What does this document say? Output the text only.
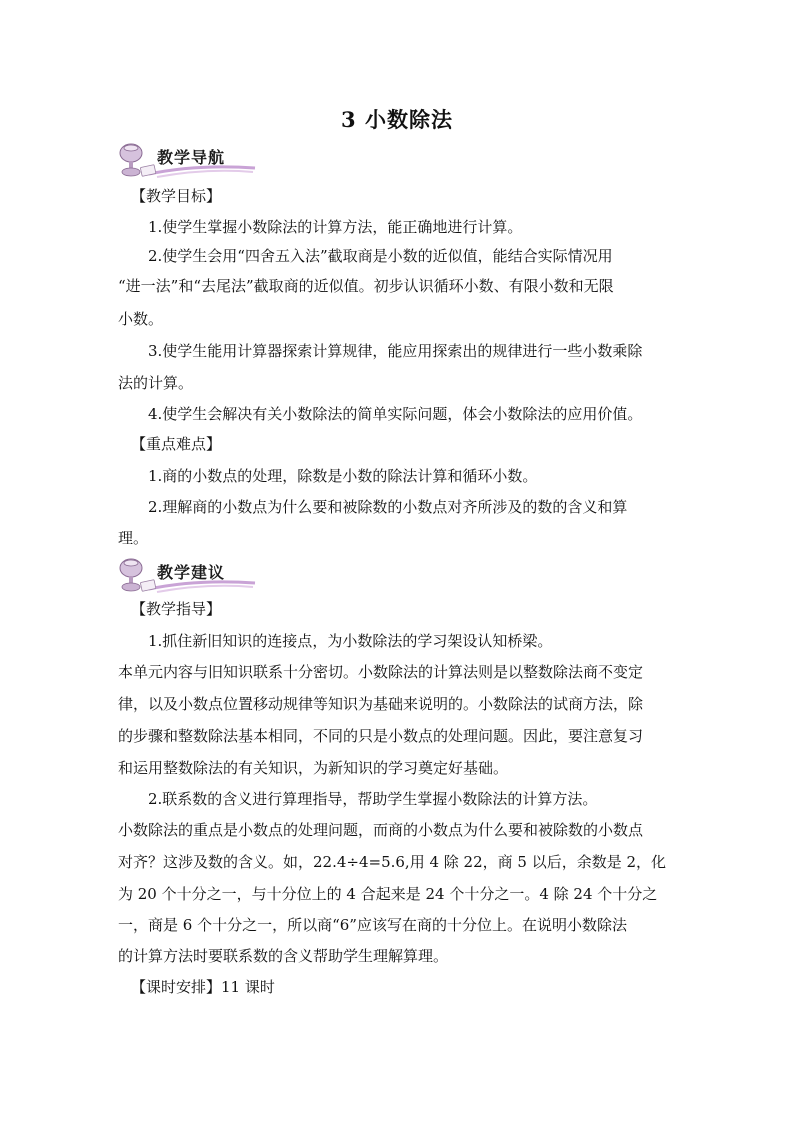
3 小数除法
教学导航
【教学目标】
1.使学生掌握小数除法的计算方法，能正确地进行计算。
2.使学生会用“四舍五入法”截取商是小数的近似值，能结合实际情况用
“进一法”和“去尾法”截取商的近似值。初步认识循环小数、有限小数和无限
小数。
3.使学生能用计算器探索计算规律，能应用探索出的规律进行一些小数乘除
法的计算。
4.使学生会解决有关小数除法的简单实际问题，体会小数除法的应用价值。
【重点难点】
1.商的小数点的处理，除数是小数的除法计算和循环小数。
2.理解商的小数点为什么要和被除数的小数点对齐所涉及的数的含义和算
理。
教学建议
【教学指导】
1.抓住新旧知识的连接点，为小数除法的学习架设认知桥梁。
本单元内容与旧知识联系十分密切。小数除法的计算法则是以整数除法商不变定
律，以及小数点位置移动规律等知识为基础来说明的。小数除法的试商方法，除
的步骤和整数除法基本相同，不同的只是小数点的处理问题。因此，要注意复习
和运用整数除法的有关知识，为新知识的学习奠定好基础。
2.联系数的含义进行算理指导，帮助学生掌握小数除法的计算方法。
小数除法的重点是小数点的处理问题，而商的小数点为什么要和被除数的小数点
对齐？这涉及数的含义。如，22.4÷4=5.6,用 4 除 22，商 5 以后，余数是 2，化
为 20 个十分之一，与十分位上的 4 合起来是 24 个十分之一。4 除 24 个十分之
一，商是 6 个十分之一，所以商“6”应该写在商的十分位上。在说明小数除法
的计算方法时要联系数的含义帮助学生理解算理。
【课时安排】11 课时
